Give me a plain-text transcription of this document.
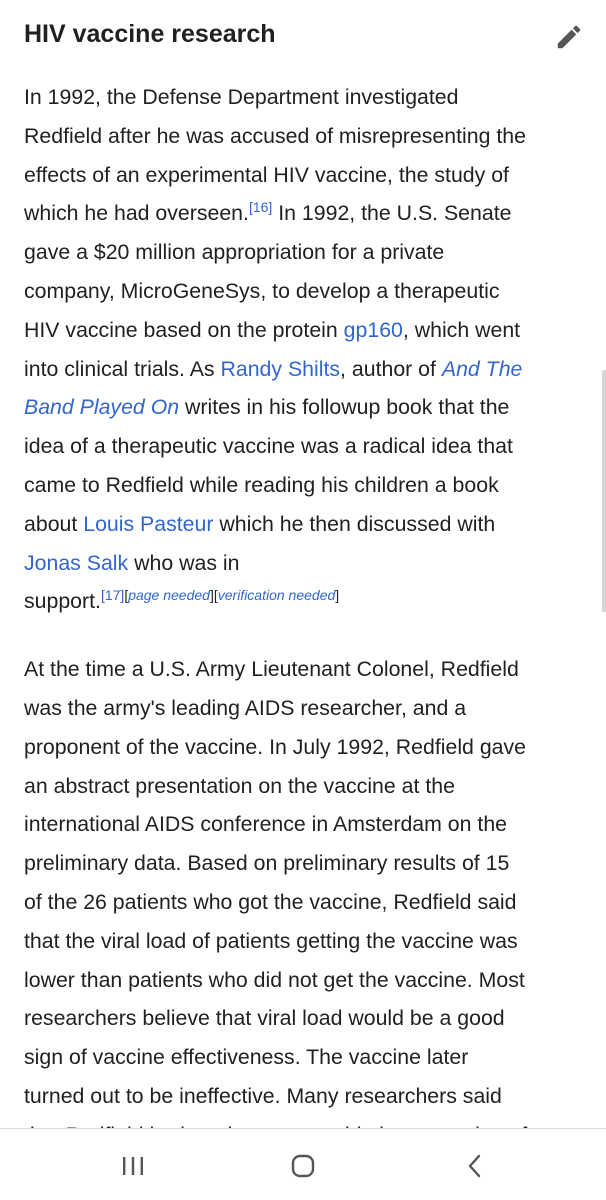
HIV vaccine research

In 1992, the Defense Department investigated
Redfield after he was accused of misrepresenting the
effects of an experimental HIV vaccine, the study of
which he had overseen.[16] In 1992, the U.S. Senate
gave a $20 million appropriation for a private
company, MicroGeneSys, to develop a therapeutic
HIV vaccine based on the protein gp160, which went
into clinical trials. As Randy Shilts, author of And The
Band Played On writes in his followup book that the
idea of a therapeutic vaccine was a radical idea that
came to Redfield while reading his children a book
about Louis Pasteur which he then discussed with
Jonas Salk who was in
support.[17][page needed][verification needed]

At the time a U.S. Army Lieutenant Colonel, Redfield
was the army's leading AIDS researcher, and a
proponent of the vaccine. In July 1992, Redfield gave
an abstract presentation on the vaccine at the
international AIDS conference in Amsterdam on the
preliminary data. Based on preliminary results of 15
of the 26 patients who got the vaccine, Redfield said
that the viral load of patients getting the vaccine was
lower than patients who did not get the vaccine. Most
researchers believe that viral load would be a good
sign of vaccine effectiveness. The vaccine later
turned out to be ineffective. Many researchers said
